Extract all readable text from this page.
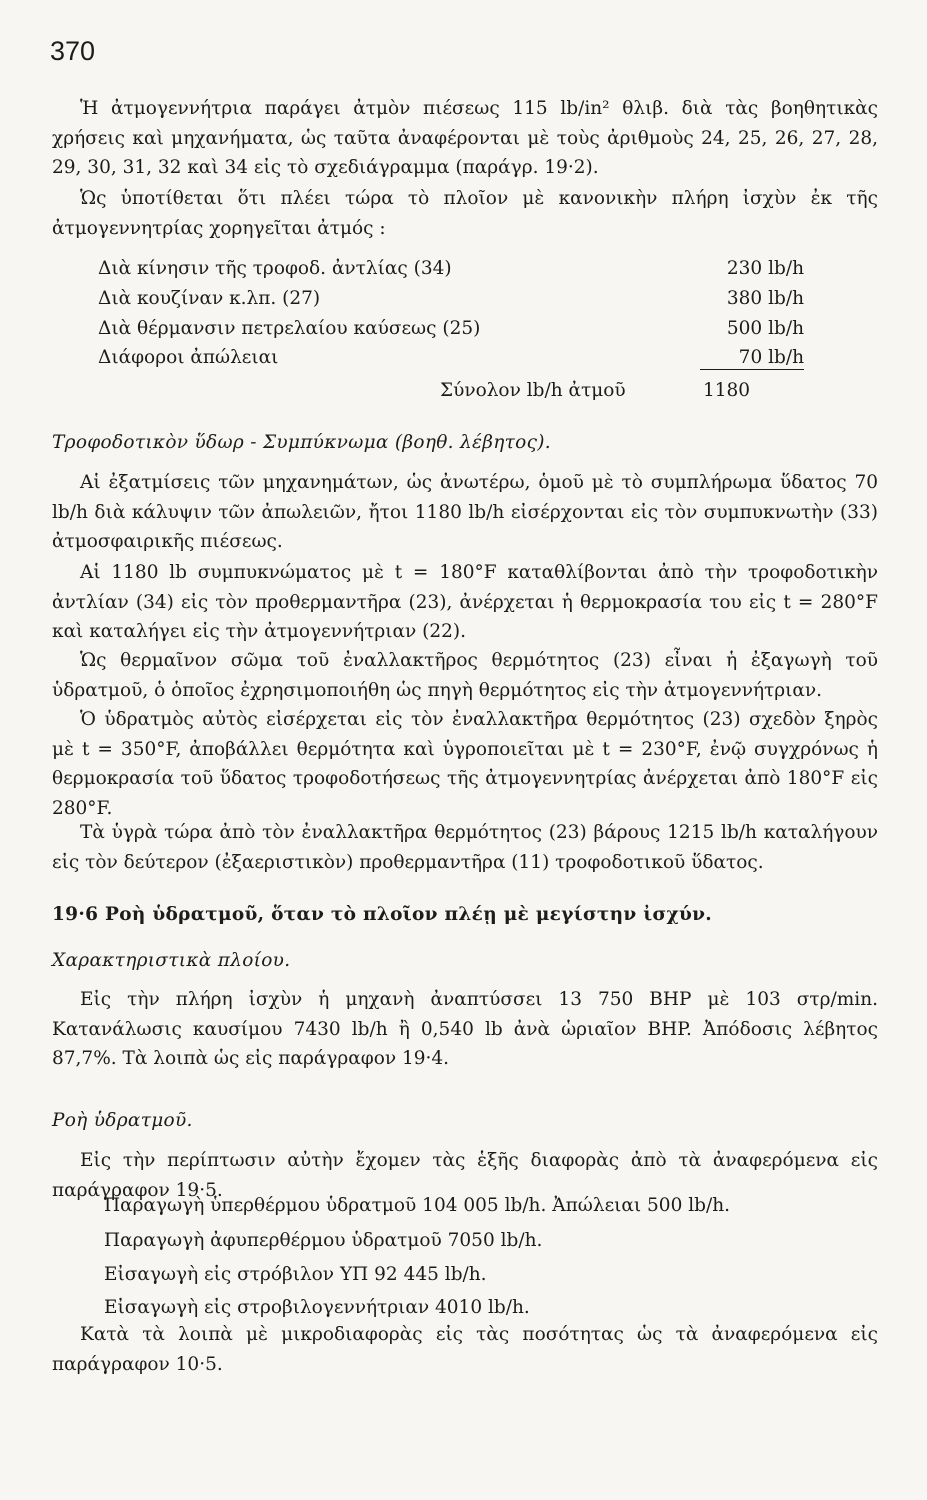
370
Ἡ ἀτμογεννήτρια παράγει ἀτμὸν πιέσεως 115 lb/in² θλιβ. διὰ τὰς βοηθητικὰς χρήσεις καὶ μηχανήματα, ὡς ταῦτα ἀναφέρονται μὲ τοὺς ἀριθμοὺς 24, 25, 26, 27, 28, 29, 30, 31, 32 καὶ 34 εἰς τὸ σχεδιάγραμμα (παράγρ. 19·2).
Ὡς ὑποτίθεται ὅτι πλέει τώρα τὸ πλοῖον μὲ κανονικὴν πλήρη ἰσχὺν ἐκ τῆς ἀτμογεννητρίας χορηγεῖται ἀτμός :
Διὰ κίνησιν τῆς τροφοδ. ἀντλίας (34)	230 lb/h
Διὰ κουζίναν κ.λπ. (27)	380 lb/h
Διὰ θέρμανσιν πετρελαίου καύσεως (25)	500 lb/h
Διάφοροι ἀπώλειαι	70 lb/h
Σύνολον lb/h ἀτμοῦ	1180
Τροφοδοτικὸν ὕδωρ - Συμπύκνωμα (βοηθ. λέβητος).
Αἱ ἐξατμίσεις τῶν μηχανημάτων, ὡς ἀνωτέρω, ὁμοῦ μὲ τὸ συμπλήρωμα ὕδατος 70 lb/h διὰ κάλυψιν τῶν ἀπωλειῶν, ἤτοι 1180 lb/h εἰσέρχονται εἰς τὸν συμπυκνωτὴν (33) ἀτμοσφαιρικῆς πιέσεως.
Αἱ 1180 lb συμπυκνώματος μὲ t = 180°F καταθλίβονται ἀπὸ τὴν τροφοδοτικὴν ἀντλίαν (34) εἰς τὸν προθερμαντῆρα (23), ἀνέρχεται ἡ θερμοκρασία του εἰς t = 280°F καὶ καταλήγει εἰς τὴν ἀτμογεννήτριαν (22).
Ὡς θερμαῖνον σῶμα τοῦ ἐναλλακτῆρος θερμότητος (23) εἶναι ἡ ἐξαγωγὴ τοῦ ὑδρατμοῦ, ὁ ὁποῖος ἐχρησιμοποιήθη ὡς πηγὴ θερμότητος εἰς τὴν ἀτμογεννήτριαν.
Ὁ ὑδρατμὸς αὐτὸς εἰσέρχεται εἰς τὸν ἐναλλακτῆρα θερμότητος (23) σχεδὸν ξηρὸς μὲ t = 350°F, ἀποβάλλει θερμότητα καὶ ὑγροποιεῖται μὲ t = 230°F, ἐνῷ συγχρόνως ἡ θερμοκρασία τοῦ ὕδατος τροφοδοτήσεως τῆς ἀτμογεννητρίας ἀνέρχεται ἀπὸ 180°F εἰς 280°F.
Τὰ ὑγρὰ τώρα ἀπὸ τὸν ἐναλλακτῆρα θερμότητος (23) βάρους 1215 lb/h καταλήγουν εἰς τὸν δεύτερον (ἐξαεριστικὸν) προθερμαντῆρα (11) τροφοδοτικοῦ ὕδατος.
19·6 Ροὴ ὑδρατμοῦ, ὅταν τὸ πλοῖον πλέῃ μὲ μεγίστην ἰσχύν.
Χαρακτηριστικὰ πλοίου.
Εἰς τὴν πλήρη ἰσχὺν ἡ μηχανὴ ἀναπτύσσει 13 750 BHP μὲ 103 στρ/min. Κατανάλωσις καυσίμου 7430 lb/h ἢ 0,540 lb ἀνὰ ὡριαῖον BHP. Ἀπόδοσις λέβητος 87,7%. Τὰ λοιπὰ ὡς εἰς παράγραφον 19·4.
Ροὴ ὑδρατμοῦ.
Εἰς τὴν περίπτωσιν αὐτὴν ἔχομεν τὰς ἑξῆς διαφορὰς ἀπὸ τὰ ἀναφερόμενα εἰς παράγραφον 19·5.
Παραγωγὴ ὑπερθέρμου ὑδρατμοῦ 104 005 lb/h. Ἀπώλειαι 500 lb/h.
Παραγωγὴ ἀφυπερθέρμου ὑδρατμοῦ 7050 lb/h.
Εἰσαγωγὴ εἰς στρόβιλον ΥΠ 92 445 lb/h.
Εἰσαγωγὴ εἰς στροβιλογεννήτριαν 4010 lb/h.
Κατὰ τὰ λοιπὰ μὲ μικροδιαφορὰς εἰς τὰς ποσότητας ὡς τὰ ἀναφερόμενα εἰς παράγραφον 10·5.
